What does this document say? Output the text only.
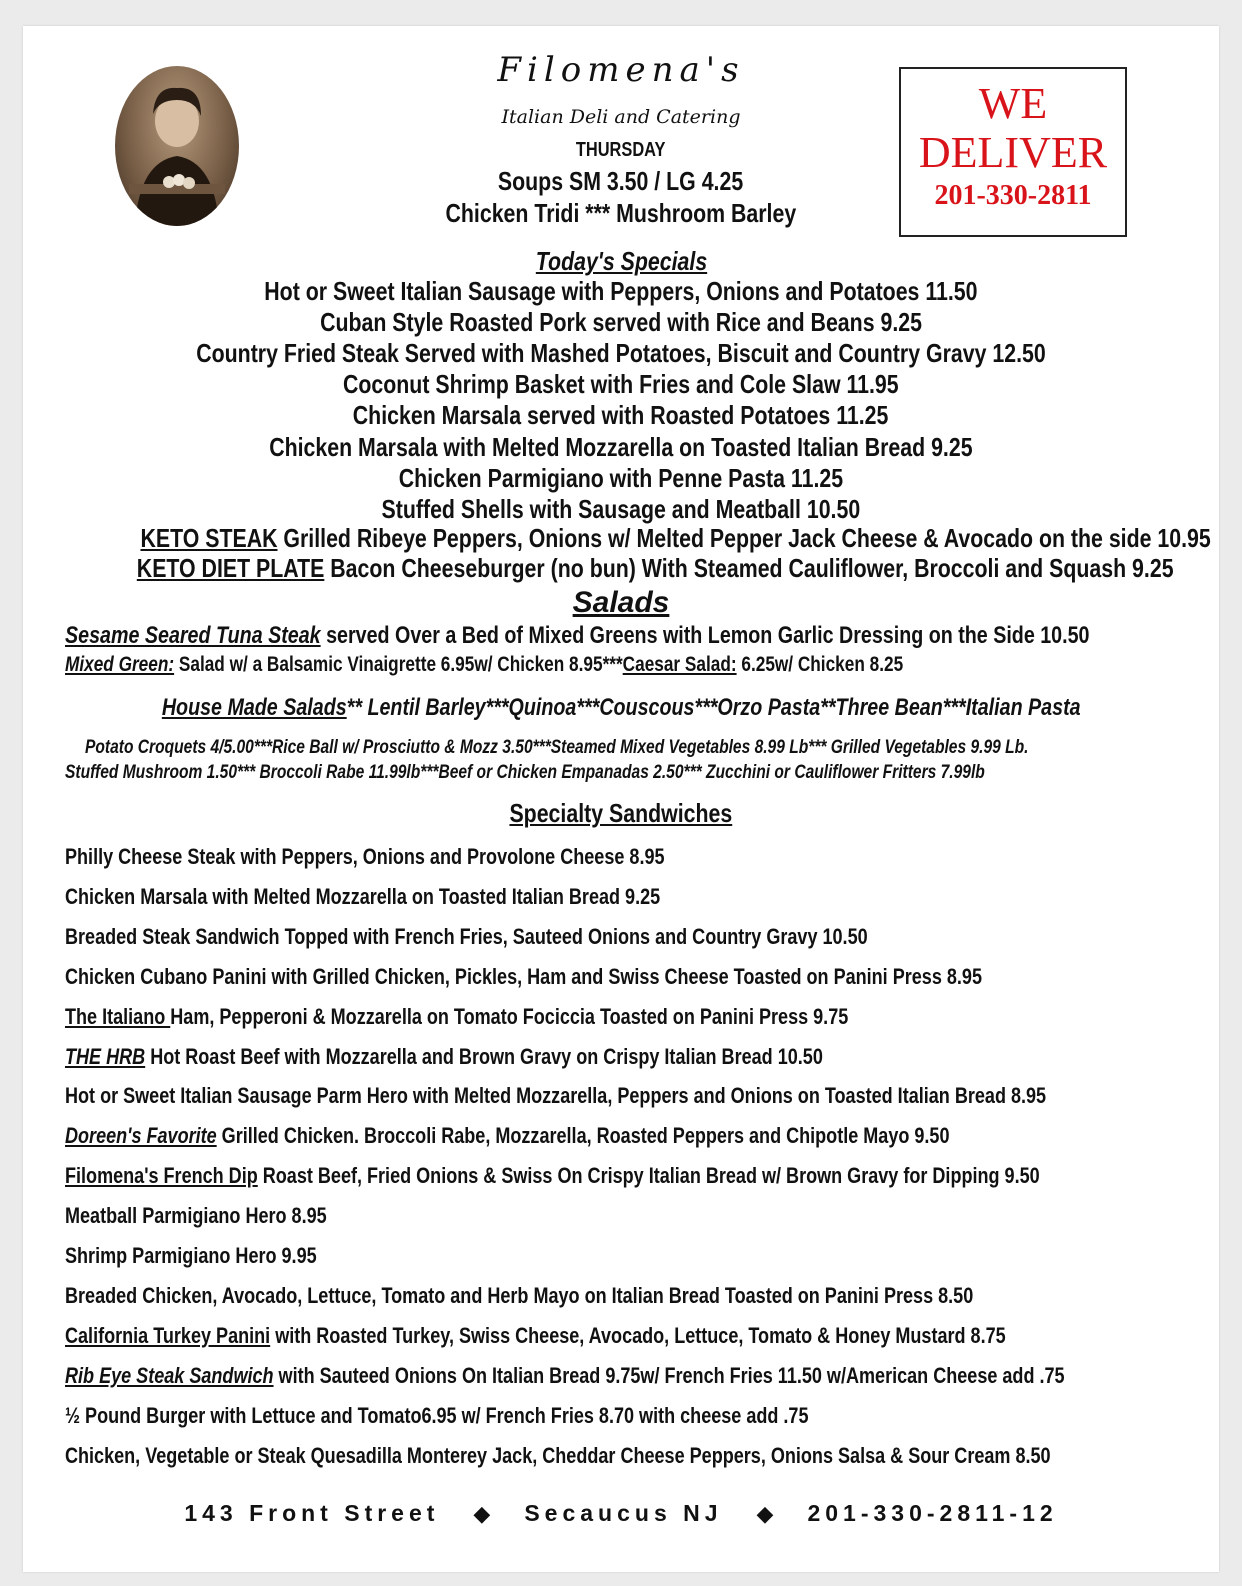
Filomena's
Italian Deli and Catering
THURSDAY
Soups SM 3.50 / LG 4.25
Chicken Tridi *** Mushroom Barley
WE
DELIVER
201-330-2811
Today's Specials
Hot or Sweet Italian Sausage with Peppers, Onions and Potatoes 11.50
Cuban Style Roasted Pork served with Rice and Beans 9.25
Country Fried Steak Served with Mashed Potatoes, Biscuit and Country Gravy 12.50
Coconut Shrimp Basket with Fries and Cole Slaw 11.95
Chicken Marsala served with Roasted Potatoes 11.25
Chicken Marsala with Melted Mozzarella on Toasted Italian Bread 9.25
Chicken Parmigiano with Penne Pasta 11.25
Stuffed Shells with Sausage and Meatball 10.50
KETO STEAK Grilled Ribeye Peppers, Onions w/ Melted Pepper Jack Cheese & Avocado on the side 10.95
KETO DIET PLATE Bacon Cheeseburger (no bun) With Steamed Cauliflower, Broccoli and Squash 9.25
Salads
Sesame Seared Tuna Steak served Over a Bed of Mixed Greens with Lemon Garlic Dressing on the Side 10.50
Mixed Green: Salad w/ a Balsamic Vinaigrette 6.95w/ Chicken 8.95***Caesar Salad: 6.25w/ Chicken 8.25
House Made Salads** Lentil Barley***Quinoa***Couscous***Orzo Pasta**Three Bean***Italian Pasta
Potato Croquets 4/5.00***Rice Ball w/ Prosciutto & Mozz 3.50***Steamed Mixed Vegetables 8.99 Lb*** Grilled Vegetables 9.99 Lb.
Stuffed Mushroom 1.50*** Broccoli Rabe 11.99lb***Beef or Chicken Empanadas 2.50*** Zucchini or Cauliflower Fritters 7.99lb
Specialty Sandwiches
Philly Cheese Steak with Peppers, Onions and Provolone Cheese 8.95
Chicken Marsala with Melted Mozzarella on Toasted Italian Bread 9.25
Breaded Steak Sandwich Topped with French Fries, Sauteed Onions and Country Gravy 10.50
Chicken Cubano Panini with Grilled Chicken, Pickles, Ham and Swiss Cheese Toasted on Panini Press 8.95
The Italiano Ham, Pepperoni & Mozzarella on Tomato Fociccia Toasted on Panini Press 9.75
THE HRB Hot Roast Beef with Mozzarella and Brown Gravy on Crispy Italian Bread 10.50
Hot or Sweet Italian Sausage Parm Hero with Melted Mozzarella, Peppers and Onions on Toasted Italian Bread 8.95
Doreen's Favorite Grilled Chicken. Broccoli Rabe, Mozzarella, Roasted Peppers and Chipotle Mayo 9.50
Filomena's French Dip Roast Beef, Fried Onions & Swiss On Crispy Italian Bread w/ Brown Gravy for Dipping 9.50
Meatball Parmigiano Hero 8.95
Shrimp Parmigiano Hero 9.95
Breaded Chicken, Avocado, Lettuce, Tomato and Herb Mayo on Italian Bread Toasted on Panini Press 8.50
California Turkey Panini with Roasted Turkey, Swiss Cheese, Avocado, Lettuce, Tomato & Honey Mustard 8.75
Rib Eye Steak Sandwich with Sauteed Onions On Italian Bread 9.75w/ French Fries 11.50 w/American Cheese add .75
½ Pound Burger with Lettuce and Tomato6.95 w/ French Fries 8.70 with cheese add .75
Chicken, Vegetable or Steak Quesadilla Monterey Jack, Cheddar Cheese Peppers, Onions Salsa & Sour Cream 8.50
143 Front Street ◆ Secaucus NJ ◆ 201-330-2811-12
